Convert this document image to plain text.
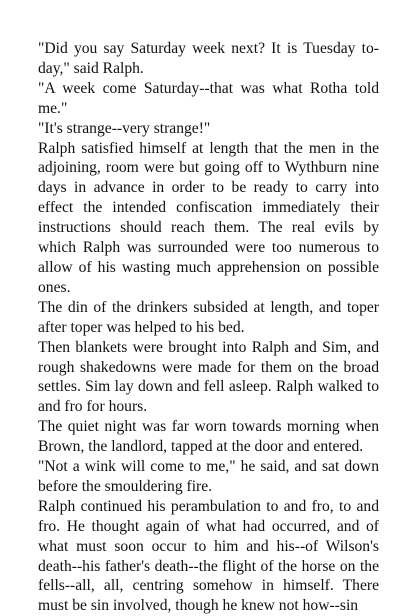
"Did you say Saturday week next? It is Tuesday to-day," said Ralph.

"A week come Saturday--that was what Rotha told me."

"It's strange--very strange!"

Ralph satisfied himself at length that the men in the adjoining, room were but going off to Wythburn nine days in advance in order to be ready to carry into effect the intended confiscation immediately their instructions should reach them. The real evils by which Ralph was surrounded were too numerous to allow of his wasting much apprehension on possible ones.

The din of the drinkers subsided at length, and toper after toper was helped to his bed.

Then blankets were brought into Ralph and Sim, and rough shakedowns were made for them on the broad settles. Sim lay down and fell asleep. Ralph walked to and fro for hours.

The quiet night was far worn towards morning when Brown, the landlord, tapped at the door and entered.

"Not a wink will come to me," he said, and sat down before the smouldering fire.

Ralph continued his perambulation to and fro, to and fro. He thought again of what had occurred, and of what must soon occur to him and his--of Wilson's death--his father's death--the flight of the horse on the fells--all, all, centring somehow in himself. There must be sin involved, though he knew not how--sin
